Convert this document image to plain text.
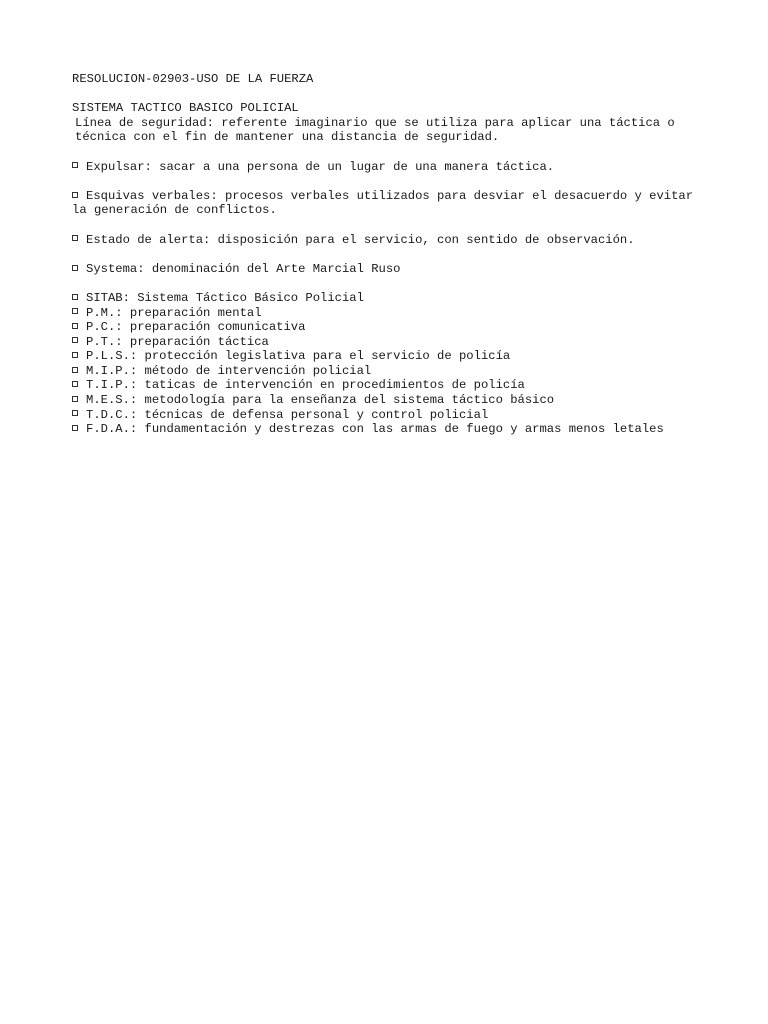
RESOLUCION-02903-USO DE LA FUERZA
SISTEMA TACTICO BASICO POLICIAL
Línea de seguridad: referente imaginario que se utiliza para aplicar una táctica o técnica con el fin de mantener una distancia de seguridad.
Expulsar: sacar a una persona de un lugar de una manera táctica.
Esquivas verbales: procesos verbales utilizados para desviar el desacuerdo y evitar la generación de conflictos.
Estado de alerta: disposición para el servicio, con sentido de observación.
Systema: denominación del Arte Marcial Ruso
SITAB: Sistema Táctico Básico Policial
P.M.: preparación mental
P.C.: preparación comunicativa
P.T.: preparación táctica
P.L.S.: protección legislativa para el servicio de policía
M.I.P.: método de intervención policial
T.I.P.: taticas de intervención en procedimientos de policía
M.E.S.: metodología para la enseñanza del sistema táctico básico
T.D.C.: técnicas de defensa personal y control policial
F.D.A.: fundamentación y destrezas con las armas de fuego y armas menos letales
